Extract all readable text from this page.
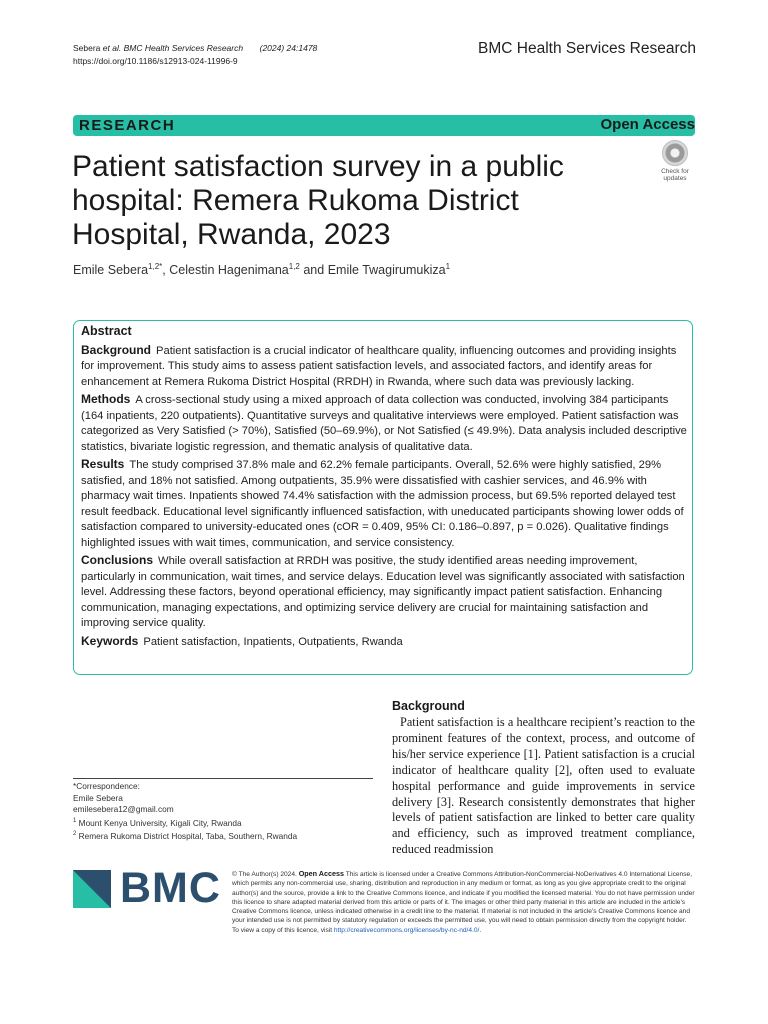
Sebera et al. BMC Health Services Research (2024) 24:1478
https://doi.org/10.1186/s12913-024-11996-9
BMC Health Services Research
RESEARCH	Open Access
Patient satisfaction survey in a public hospital: Remera Rukoma District Hospital, Rwanda, 2023
Check for
updates
Emile Sebera$^{1,2*}$, Celestin Hagenimana$^{1,2}$ and Emile Twagirumukiza$^1$
Abstract

Background Patient satisfaction is a crucial indicator of healthcare quality, influencing outcomes and providing insights for improvement. This study aims to assess patient satisfaction levels, and associated factors, and identify areas for enhancement at Remera Rukoma District Hospital (RRDH) in Rwanda, where such data was previously lacking.

Methods A cross-sectional study using a mixed approach of data collection was conducted, involving 384 participants (164 inpatients, 220 outpatients). Quantitative surveys and qualitative interviews were employed. Patient satisfaction was categorized as Very Satisfied (> 70%), Satisfied (50–69.9%), or Not Satisfied (≤ 49.9%). Data analysis included descriptive statistics, bivariate logistic regression, and thematic analysis of qualitative data.

Results The study comprised 37.8% male and 62.2% female participants. Overall, 52.6% were highly satisfied, 29% satisfied, and 18% not satisfied. Among outpatients, 35.9% were dissatisfied with cashier services, and 46.9% with pharmacy wait times. Inpatients showed 74.4% satisfaction with the admission process, but 69.5% reported delayed test result feedback. Educational level significantly influenced satisfaction, with uneducated participants showing lower odds of satisfaction compared to university-educated ones (cOR = 0.409, 95% CI: 0.186–0.897, p = 0.026). Qualitative findings highlighted issues with wait times, communication, and service consistency.

Conclusions While overall satisfaction at RRDH was positive, the study identified areas needing improvement, particularly in communication, wait times, and service delays. Education level was significantly associated with satisfaction level. Addressing these factors, beyond operational efficiency, may significantly impact patient satisfaction. Enhancing communication, managing expectations, and optimizing service delivery are crucial for maintaining satisfaction and improving service quality.

Keywords Patient satisfaction, Inpatients, Outpatients, Rwanda

*Correspondence:
Emile Sebera
emilesebera12@gmail.com
$^1$ Mount Kenya University, Kigali City, Rwanda
$^2$ Remera Rukoma District Hospital, Taba, Southern, Rwanda
Background
Patient satisfaction is a healthcare recipient’s reaction to the prominent features of the context, process, and outcome of his/her service experience [1]. Patient satisfaction is a crucial indicator of healthcare quality [2], often used to evaluate hospital performance and guide improvements in service delivery [3]. Research consistently demonstrates that higher levels of patient satisfaction are linked to better care quality and efficiency, such as improved treatment compliance, reduced readmission
BMC © The Author(s) 2024. Open Access This article is licensed under a Creative Commons Attribution-NonCommercial-NoDerivatives 4.0 International License, which permits any non-commercial use, sharing, distribution and reproduction in any medium or format, as long as you give appropriate credit to the original author(s) and the source, provide a link to the Creative Commons licence, and indicate if you modified the licensed material. You do not have permission under this licence to share adapted material derived from this article or parts of it. The images or other third party material in this article are included in the article’s Creative Commons licence, unless indicated otherwise in a credit line to the material. If material is not included in the article’s Creative Commons licence and your intended use is not permitted by statutory regulation or exceeds the permitted use, you will need to obtain permission directly from the copyright holder. To view a copy of this licence, visit http://creativecommons.org/licenses/by-nc-nd/4.0/.
